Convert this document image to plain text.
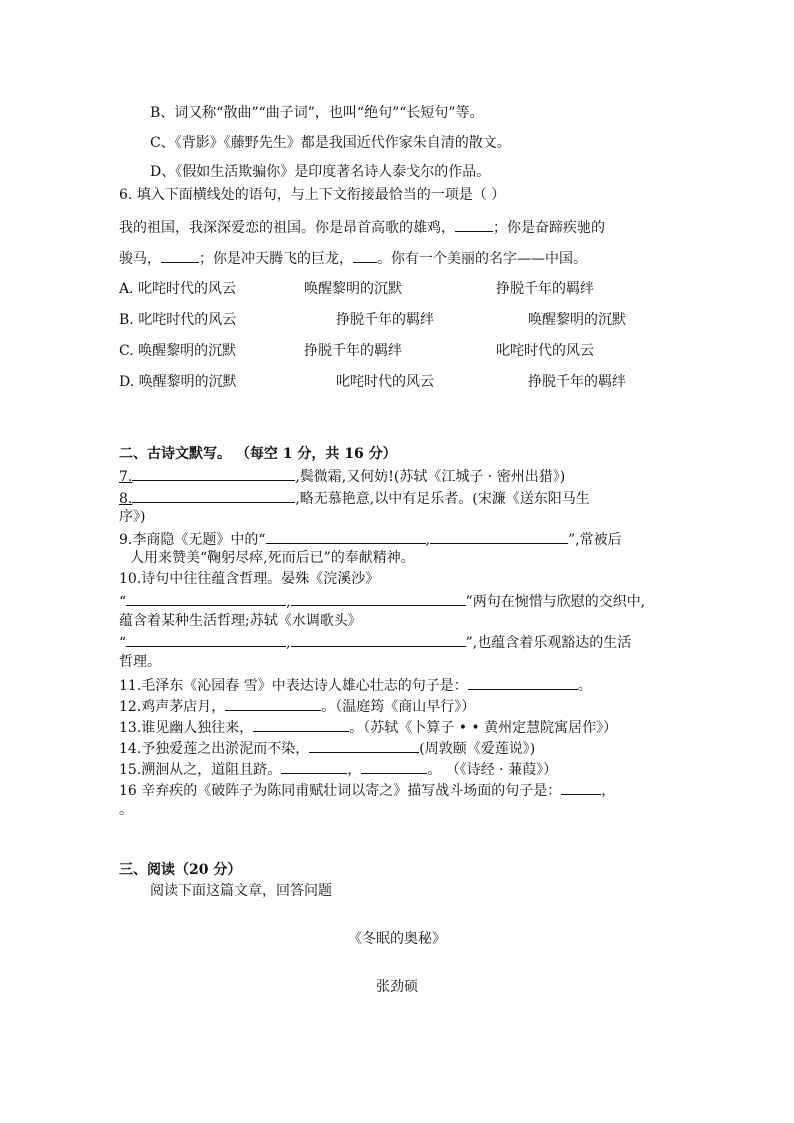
B、词又称“散曲”“曲子词”，也叫“绝句”“长短句”等。
C、《背影》《藤野先生》都是我国近代作家朱自清的散文。
D、《假如生活欺骗你》是印度著名诗人泰戈尔的作品。
6. 填入下面横线处的语句，与上下文衔接最恰当的一项是（ ）
我的祖国，我深深爱恋的祖国。你是昂首高歌的雄鸡，	；你是奋蹄疾驰的
骏马，	；你是冲天腾飞的巨龙， 。你有一个美丽的名字——中国。
A. 叱咤时代的风云	唤醒黎明的沉默	挣脱千年的羁绊
B. 叱咤时代的风云	挣脱千年的羁绊	唤醒黎明的沉默
C. 唤醒黎明的沉默	挣脱千年的羁绊	叱咤时代的风云
D. 唤醒黎明的沉默	叱咤时代的风云	挣脱千年的羁绊
二、古诗文默写。 （每空 1 分，共 16 分）
7.	,鬓微霜,又何妨!(苏轼《江城子 · 密州出猎》)
8.	,略无慕艳意,以中有足乐者。(宋濂《送东阳马生
序》)
9.李商隐《无题》中的“	,	”,常被后
人用来赞美“鞠躬尽瘁,死而后已”的奉献精神。
10.诗句中往往蕴含哲理。晏殊《浣溪沙》
“	,	”两句在惋惜与欣慰的交织中,
蕴含着某种生活哲理;苏轼《水调歌头》
“	,	”,也蕴含着乐观豁达的生活
哲理。
11.毛泽东《沁园春 雪》中表达诗人雄心壮志的句子是：	。
12.鸡声茅店月，	。（温庭筠《商山早行》）
13.谁见幽人独往来，	。（苏轼《卜算子 • • 黄州定慧院寓居作》）
14.予独爱莲之出淤泥而不染，	(周敦颐《爱莲说》)
15.溯洄从之，道阻且跻。	，	。 （《诗经 · 蒹葭》）
16 辛弃疾的《破阵子为陈同甫赋壮词以寄之》描写战斗场面的句子是：	，
。
三、阅读（20 分）
阅读下面这篇文章，回答问题
《冬眠的奥秘》
张劲硕
